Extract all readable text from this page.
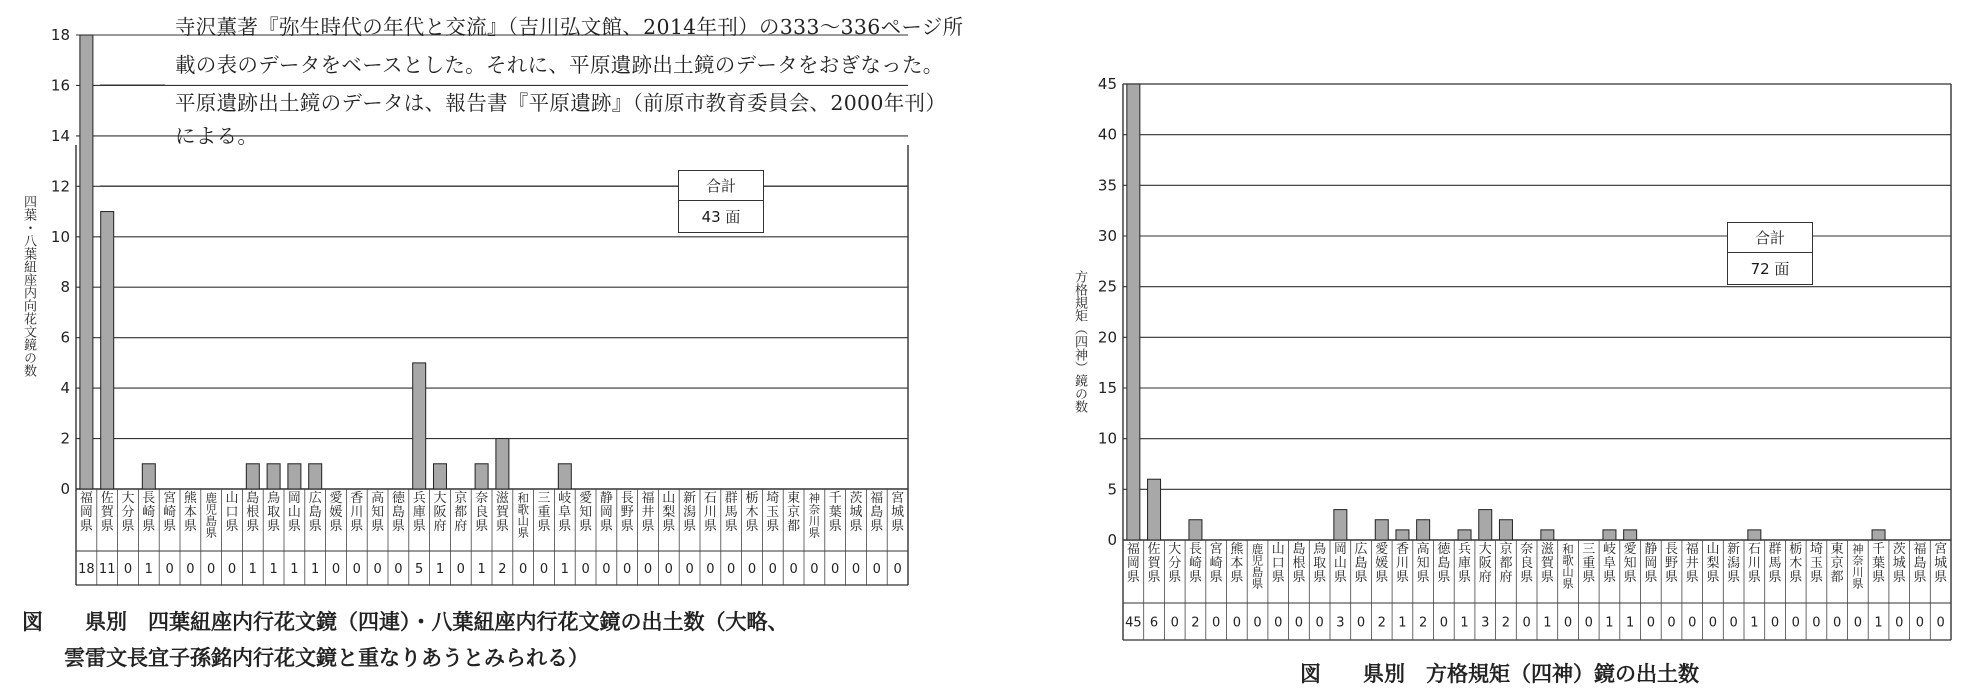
0
2
4
6
8
10
12
14
16
18
福岡県
18
佐賀県
11
大分県
0
長崎県
1
宮崎県
0
熊本県
0
鹿児島県
0
山口県
0
島根県
1
鳥取県
1
岡山県
1
広島県
1
愛媛県
0
香川県
0
高知県
0
徳島県
0
兵庫県
5
大阪府
1
京都府
0
奈良県
1
滋賀県
2
和歌山県
0
三重県
0
岐阜県
1
愛知県
0
静岡県
0
長野県
0
福井県
0
山梨県
0
新潟県
0
石川県
0
群馬県
0
栃木県
0
埼玉県
0
東京都
0
神奈川県
0
千葉県
0
茨城県
0
福島県
0
宮城県
0
0
5
10
15
20
25
30
35
40
45
福岡県
45
佐賀県
6
大分県
0
長崎県
2
宮崎県
0
熊本県
0
鹿児島県
0
山口県
0
島根県
0
鳥取県
0
岡山県
3
広島県
0
愛媛県
2
香川県
1
高知県
2
徳島県
0
兵庫県
1
大阪府
3
京都府
2
奈良県
0
滋賀県
1
和歌山県
0
三重県
0
岐阜県
1
愛知県
1
静岡県
0
長野県
0
福井県
0
山梨県
0
新潟県
0
石川県
1
群馬県
0
栃木県
0
埼玉県
0
東京都
0
神奈川県
0
千葉県
1
茨城県
0
福島県
0
宮城県
0
寺沢薫著『弥生時代の年代と交流』（吉川弘文館、2014年刊）の333〜336ページ所
載の表のデータをベースとした。それに、平原遺跡出土鏡のデータをおぎなった。
平原遺跡出土鏡のデータは、報告書『平原遺跡』（前原市教育委員会、2000年刊）
による。
四葉・八葉紐座内向花文鏡の数	方格規矩（四神）鏡の数
合計
43 面
合計
72 面
図　　県別　四葉紐座内行花文鏡（四連）・八葉紐座内行花文鏡の出土数（大略、
雲雷文長宜子孫銘内行花文鏡と重なりあうとみられる）
図　　県別　方格規矩（四神）鏡の出土数
